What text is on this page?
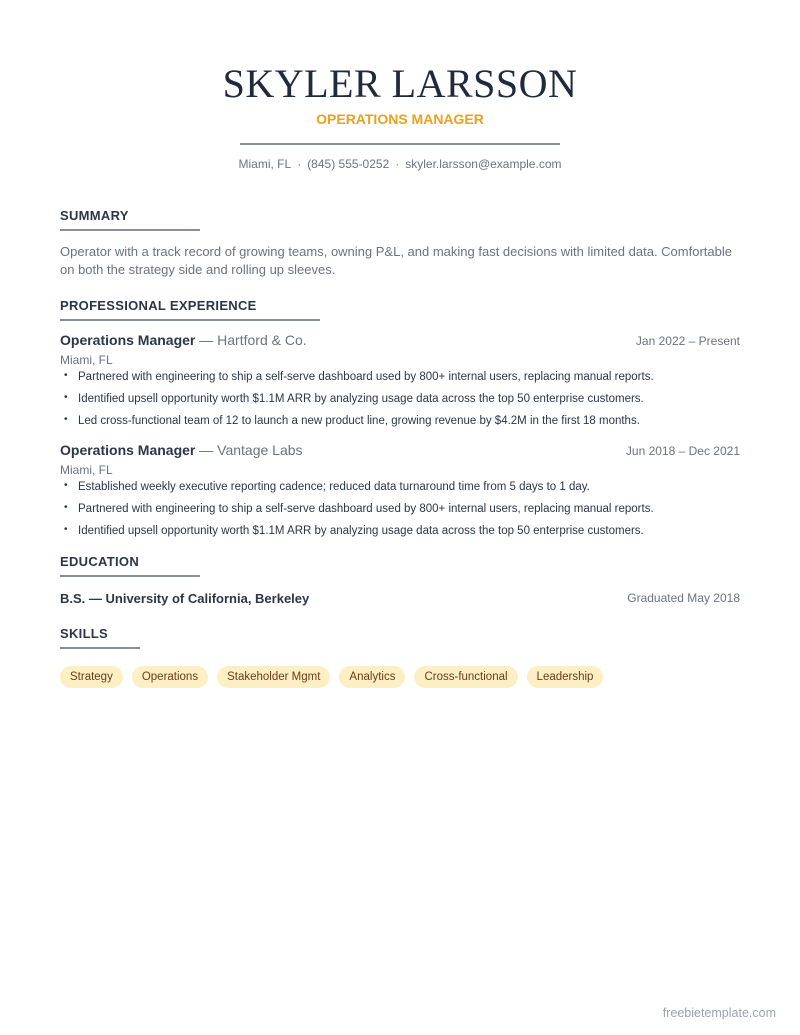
SKYLER LARSSON
OPERATIONS MANAGER
Miami, FL · (845) 555-0252 · skyler.larsson@example.com
SUMMARY
Operator with a track record of growing teams, owning P&L, and making fast decisions with limited data. Comfortable on both the strategy side and rolling up sleeves.
PROFESSIONAL EXPERIENCE
Operations Manager — Hartford & Co.	Jan 2022 – Present
Miami, FL
• Partnered with engineering to ship a self-serve dashboard used by 800+ internal users, replacing manual reports.
• Identified upsell opportunity worth $1.1M ARR by analyzing usage data across the top 50 enterprise customers.
• Led cross-functional team of 12 to launch a new product line, growing revenue by $4.2M in the first 18 months.
Operations Manager — Vantage Labs	Jun 2018 – Dec 2021
Miami, FL
• Established weekly executive reporting cadence; reduced data turnaround time from 5 days to 1 day.
• Partnered with engineering to ship a self-serve dashboard used by 800+ internal users, replacing manual reports.
• Identified upsell opportunity worth $1.1M ARR by analyzing usage data across the top 50 enterprise customers.
EDUCATION
B.S. — University of California, Berkeley	Graduated May 2018
SKILLS
Strategy	Operations	Stakeholder Mgmt	Analytics	Cross-functional	Leadership
freebietemplate.com
